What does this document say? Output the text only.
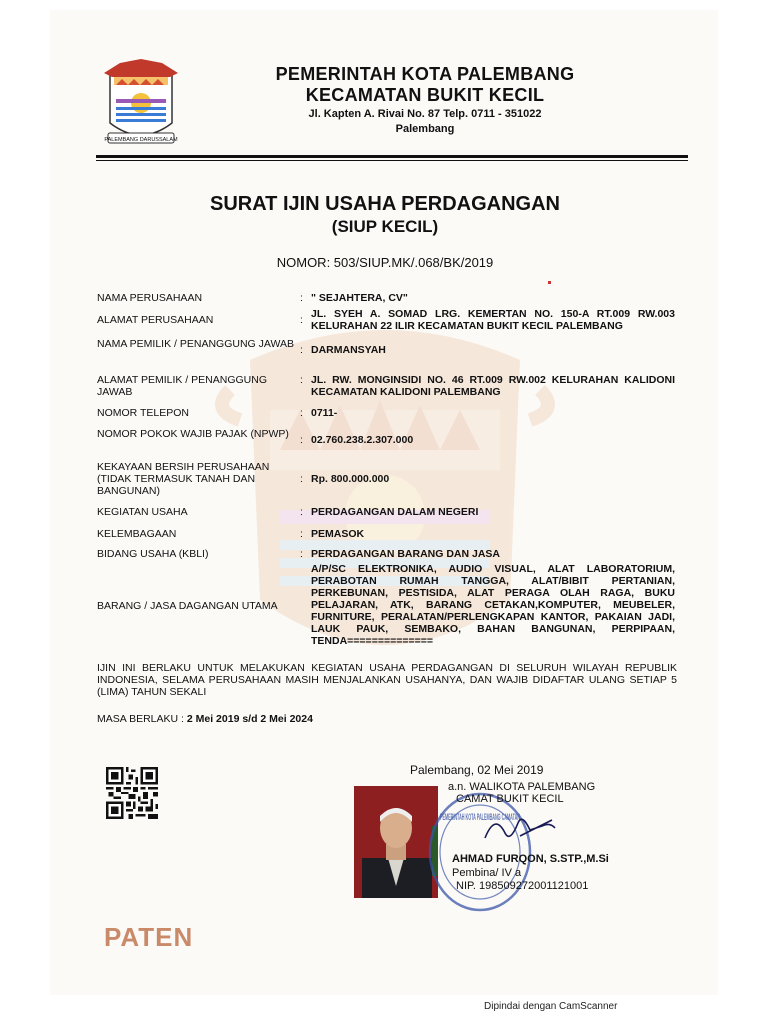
PALEMBANG DARUSSALAM
PEMERINTAH KOTA PALEMBANG
KECAMATAN BUKIT KECIL
Jl. Kapten A. Rivai No. 87 Telp. 0711 - 351022
Palembang
SURAT IJIN USAHA PERDAGANGAN
(SIUP KECIL)
NOMOR: 503/SIUP.MK/.068/BK/2019
NAMA PERUSAHAAN	: " SEJAHTERA, CV"
ALAMAT PERUSAHAAN	: JL. SYEH A. SOMAD LRG. KEMERTAN NO. 150-A RT.009 RW.003 KELURAHAN 22 ILIR KECAMATAN BUKIT KECIL PALEMBANG
NAMA PEMILIK / PENANGGUNG JAWAB : DARMANSYAH
ALAMAT PEMILIK / PENANGGUNG JAWAB
: JL. RW. MONGINSIDI NO. 46 RT.009 RW.002 KELURAHAN KALIDONI KECAMATAN KALIDONI PALEMBANG
NOMOR TELEPON	: 0711-
NOMOR POKOK WAJIB PAJAK (NPWP)	: 02.760.238.2.307.000
KEKAYAAN BERSIH PERUSAHAAN (TIDAK TERMASUK TANAH DAN BANGUNAN)
: Rp. 800.000.000
KEGIATAN USAHA	: PERDAGANGAN DALAM NEGERI
KELEMBAGAAN	: PEMASOK
BIDANG USAHA (KBLI)	: PERDAGANGAN BARANG DAN JASA
BARANG / JASA DAGANGAN UTAMA
A/P/SC ELEKTRONIKA, AUDIO VISUAL, ALAT LABORATORIUM, PERABOTAN RUMAH TANGGA, ALAT/BIBIT PERTANIAN, PERKEBUNAN, PESTISIDA, ALAT PERAGA OLAH RAGA, BUKU PELAJARAN, ATK, BARANG CETAKAN,KOMPUTER, MEUBELER, FURNITURE, PERALATAN/PERLENGKAPAN KANTOR, PAKAIAN JADI, LAUK PAUK, SEMBAKO, BAHAN BANGUNAN, PERPIPAAN, TENDA==============
IJIN INI BERLAKU UNTUK MELAKUKAN KEGIATAN USAHA PERDAGANGAN DI SELURUH WILAYAH REPUBLIK INDONESIA, SELAMA PERUSAHAAN MASIH MENJALANKAN USAHANYA, DAN WAJIB DIDAFTAR ULANG SETIAP 5 (LIMA) TAHUN SEKALI
MASA BERLAKU : 2 Mei 2019 s/d 2 Mei 2024
PATEN
PEMERINTAH KOTA PALEMBANG CAMATAN
Palembang, 02 Mei 2019
a.n. WALIKOTA PALEMBANG
CAMAT BUKIT KECIL
AHMAD FURQON, S.STP.,M.Si
Pembina/ IV a
NIP. 198509272001121001
Dipindai dengan CamScanner
